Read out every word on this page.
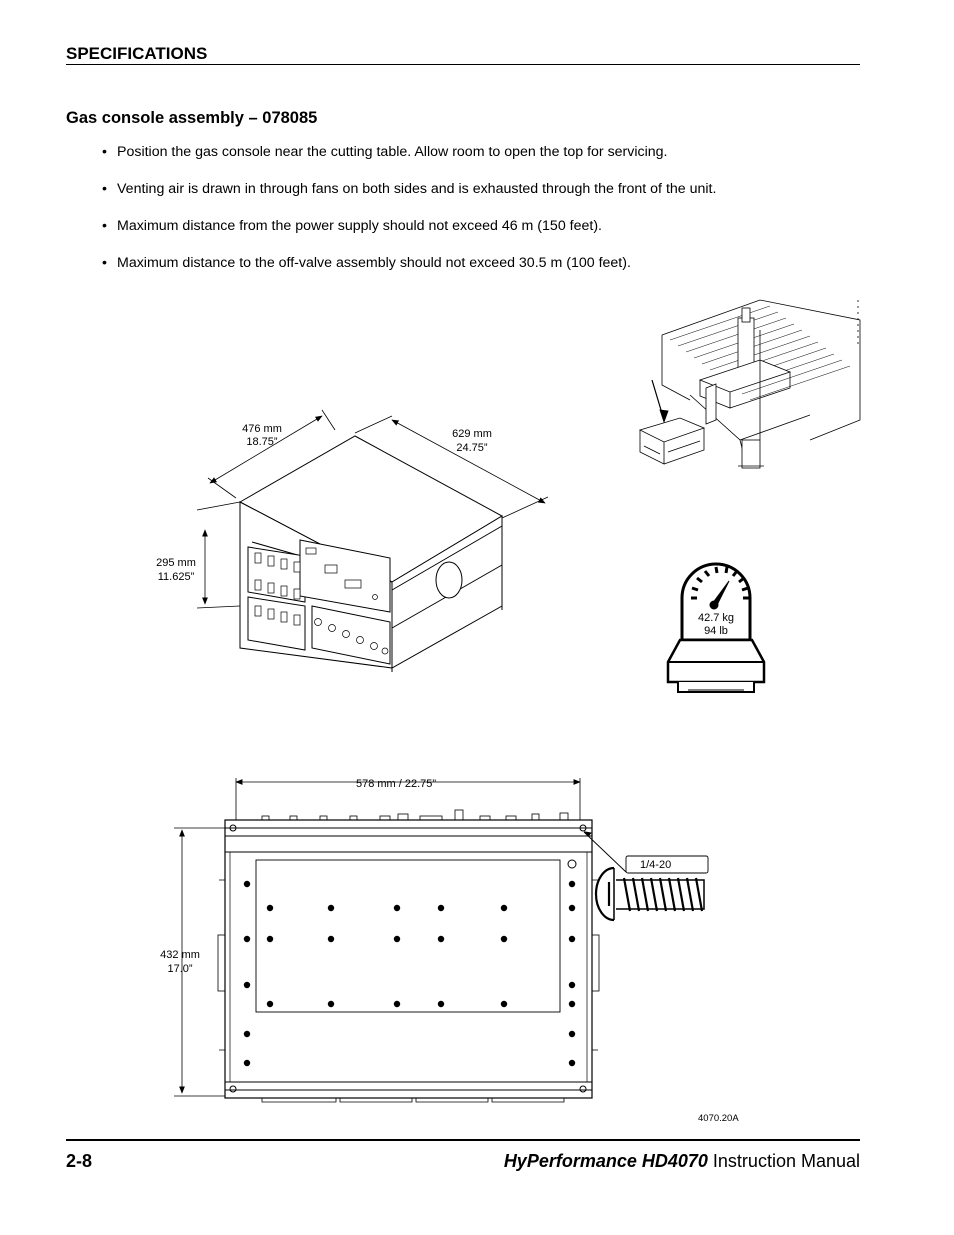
SPECIFICATIONS
Gas console assembly – 078085
• Position the gas console near the cutting table. Allow room to open the top for servicing.
• Venting air is drawn in through fans on both sides and is exhausted through the front of the unit.
• Maximum distance from the power supply should not exceed 46 m (150 feet).
• Maximum distance to the off-valve assembly should not exceed 30.5 m (100 feet).
476 mm
18.75”
629 mm
24.75”
295 mm
11.625”
42.7 kg
94 lb
578 mm / 22.75”
432 mm
17.0”
1/4-20
4070.20A
2-8	HyPerformance HD4070 Instruction Manual
